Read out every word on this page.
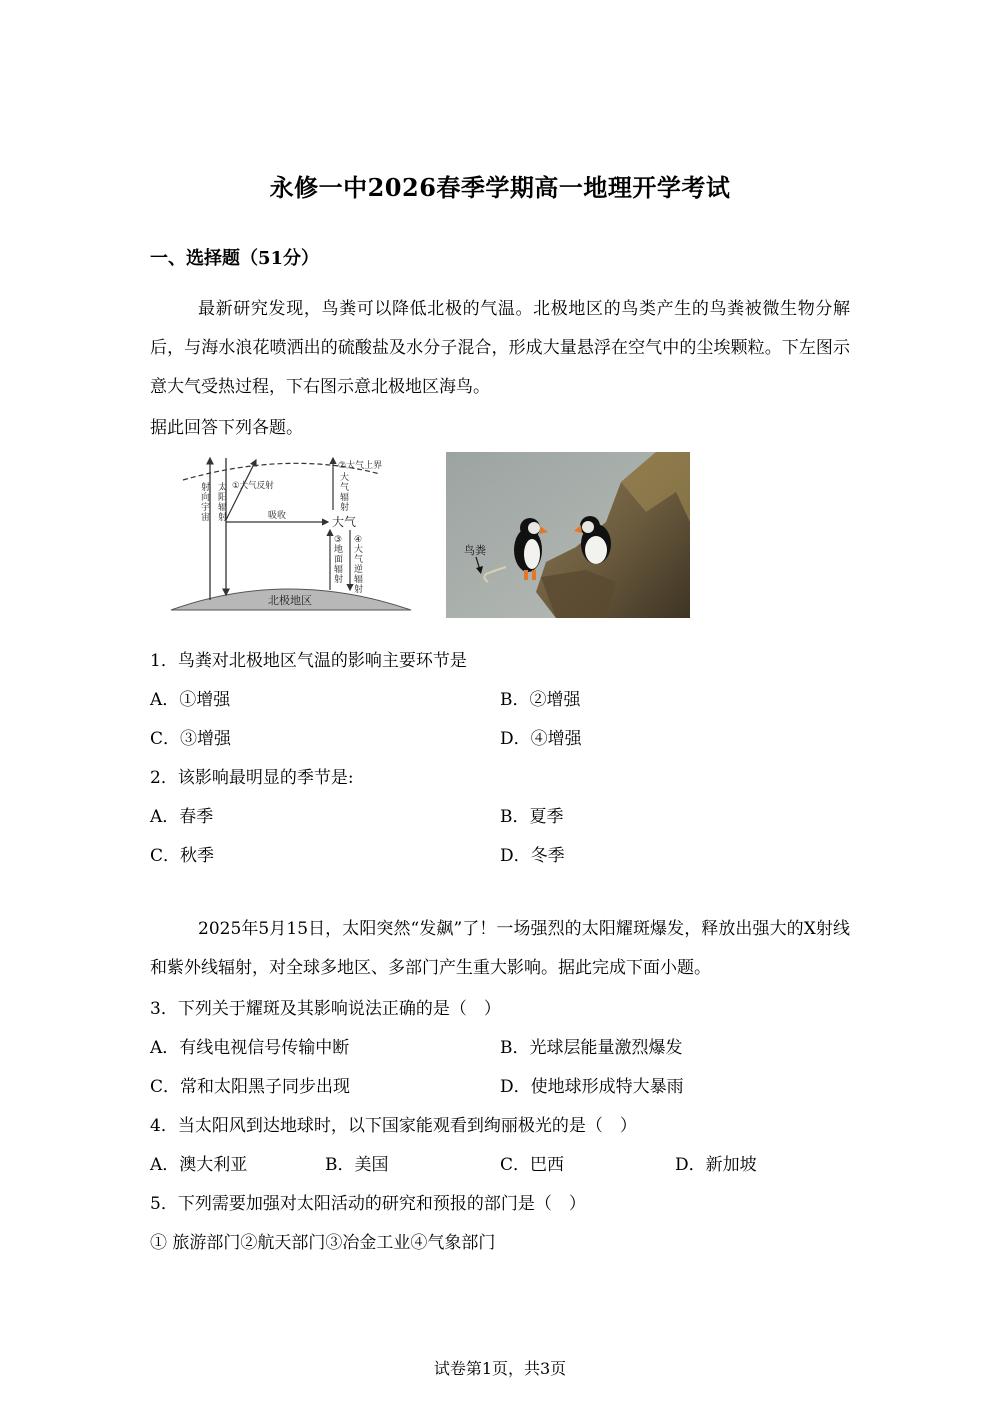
永修一中2026春季学期高一地理开学考试
一、选择题（51分）
最新研究发现，鸟粪可以降低北极的气温。北极地区的鸟类产生的鸟粪被微生物分解后，与海水浪花喷洒出的硫酸盐及水分子混合，形成大量悬浮在空气中的尘埃颗粒。下左图示意大气受热过程，下右图示意北极地区海鸟。
据此回答下列各题。
②大气上界
①大气反射
吸收	大气
北极地区
射向宇宙
太阳辐射
大气辐射
③ 地面辐射
④ 大气逆辐射
鸟粪
1．鸟粪对北极地区气温的影响主要环节是
A．①增强	B．②增强
C．③增强	D．④增强
2．该影响最明显的季节是:
A．春季	B．夏季
C．秋季	D．冬季
2025年5月15日，太阳突然“发飙”了！一场强烈的太阳耀斑爆发，释放出强大的X射线和紫外线辐射，对全球多地区、多部门产生重大影响。据此完成下面小题。
3．下列关于耀斑及其影响说法正确的是（　）
A．有线电视信号传输中断	B．光球层能量激烈爆发
C．常和太阳黑子同步出现	D．使地球形成特大暴雨
4．当太阳风到达地球时，以下国家能观看到绚丽极光的是（　）
A．澳大利亚	B．美国	C．巴西	D．新加坡
5．下列需要加强对太阳活动的研究和预报的部门是（　）
① 旅游部门②航天部门③冶金工业④气象部门
试卷第1页，共3页
